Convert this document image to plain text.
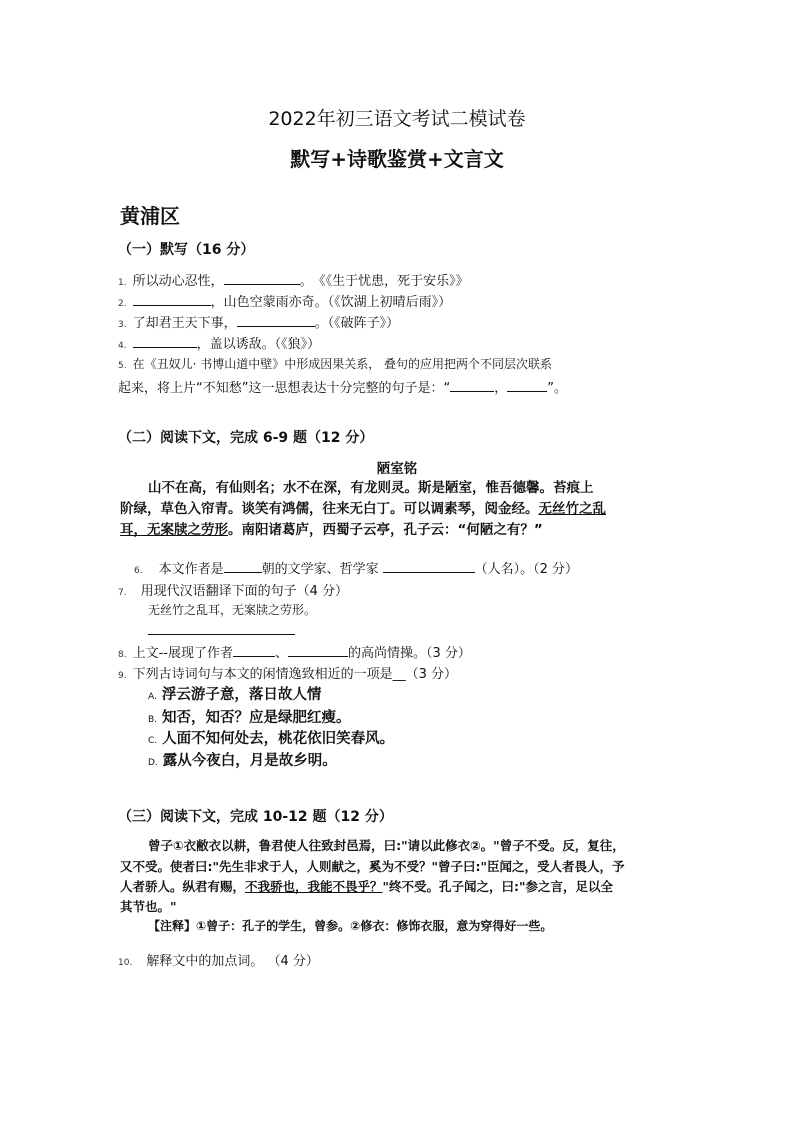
2022年初三语文考试二模试卷
默写+诗歌鉴赏+文言文
黄浦区
（一）默写（16 分）
1. 所以动心忍性，	。　《《生于忧患，死于安乐》》
2.	，山色空蒙雨亦奇。（《饮湖上初晴后雨》）
3. 了却君王天下事，	。（《破阵子》）
4.	，盖以诱敌。（《狼》）
5. 在《丑奴儿· 书博山道中壁》中形成因果关系， 叠句的应用把两个不同层次联系
起来，将上片“不知愁”这一思想表达十分完整的句子是：“	，	”。
（二）阅读下文，完成 6-9 题（12 分）
陋室铭
山不在高，有仙则名；水不在深，有龙则灵。斯是陋室，惟吾德馨。苔痕上
阶绿，草色入帘青。谈笑有鸿儒，往来无白丁。可以调素琴，阅金经。无丝竹之乱
耳，无案牍之劳形。南阳诸葛庐，西蜀子云亭，孔子云：“何陋之有？”
6. 本文作者是	朝的文学家、哲学家	（人名）。（2 分）
7. 用现代汉语翻译下面的句子（4 分）
无丝竹之乱耳，无案牍之劳形。
8. 上文--展现了作者	、	的高尚情操。（3 分）
9. 下列古诗词句与本文的闲情逸致相近的一项是__（3 分）
A. 浮云游子意，落日故人情
B. 知否，知否？应是绿肥红瘦。
C. 人面不知何处去，桃花依旧笑春风。
D. 露从今夜白，月是故乡明。
（三）阅读下文，完成 10-12 题（12 分）
曾子①衣敝衣以耕，鲁君使人往致封邑焉，曰:"请以此修衣②。"曾子不受。反，复往，
又不受。使者曰:"先生非求于人，人则献之，奚为不受？"曾子曰:"臣闻之，受人者畏人，予
人者骄人。纵君有赐，不我骄也，我能不畏乎？"终不受。孔子闻之，曰:"参之言，足以全
其节也。"
【注释】①曾子：孔子的学生，曾参。②修衣：修饰衣服，意为穿得好一些。
10. 解释文中的加点词。 （4 分）
